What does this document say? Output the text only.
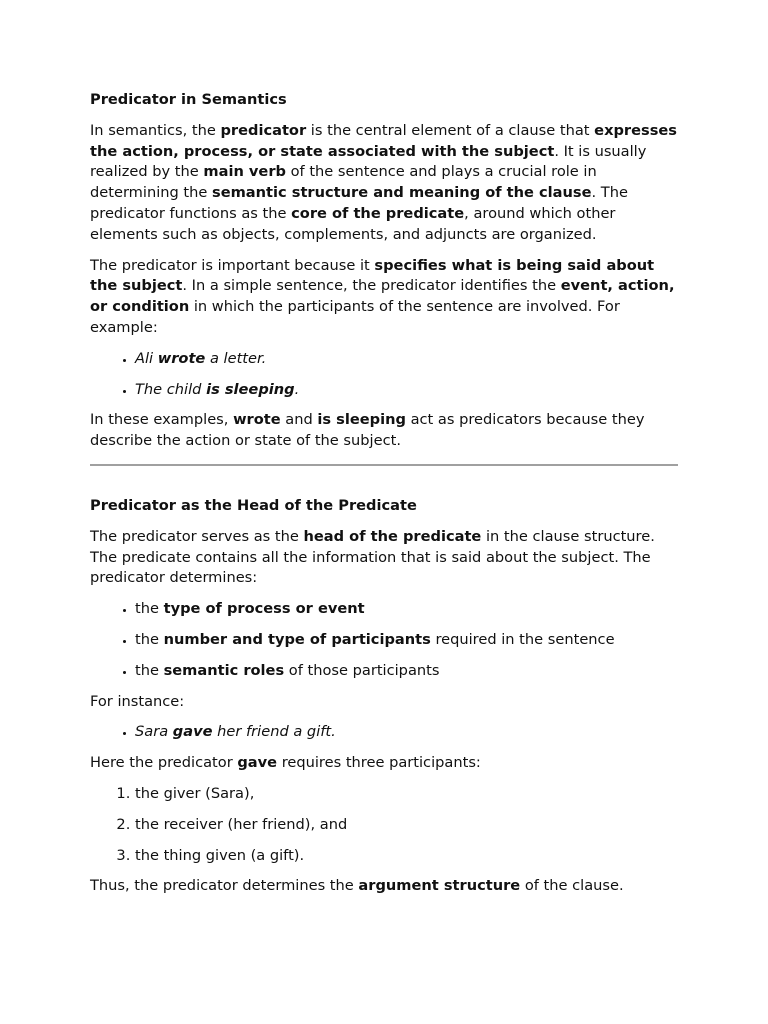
Predicator in Semantics

In semantics, the predicator is the central element of a clause that expresses the action, process, or state associated with the subject. It is usually realized by the main verb of the sentence and plays a crucial role in determining the semantic structure and meaning of the clause. The predicator functions as the core of the predicate, around which other elements such as objects, complements, and adjuncts are organized.

The predicator is important because it specifies what is being said about the subject. In a simple sentence, the predicator identifies the event, action, or condition in which the participants of the sentence are involved. For example:

• Ali wrote a letter.
• The child is sleeping.

In these examples, wrote and is sleeping act as predicators because they describe the action or state of the subject.

Predicator as the Head of the Predicate

The predicator serves as the head of the predicate in the clause structure. The predicate contains all the information that is said about the subject. The predicator determines:

• the type of process or event
• the number and type of participants required in the sentence
• the semantic roles of those participants

For instance:

• Sara gave her friend a gift.

Here the predicator gave requires three participants:

1. the giver (Sara),
2. the receiver (her friend), and
3. the thing given (a gift).

Thus, the predicator determines the argument structure of the clause.
